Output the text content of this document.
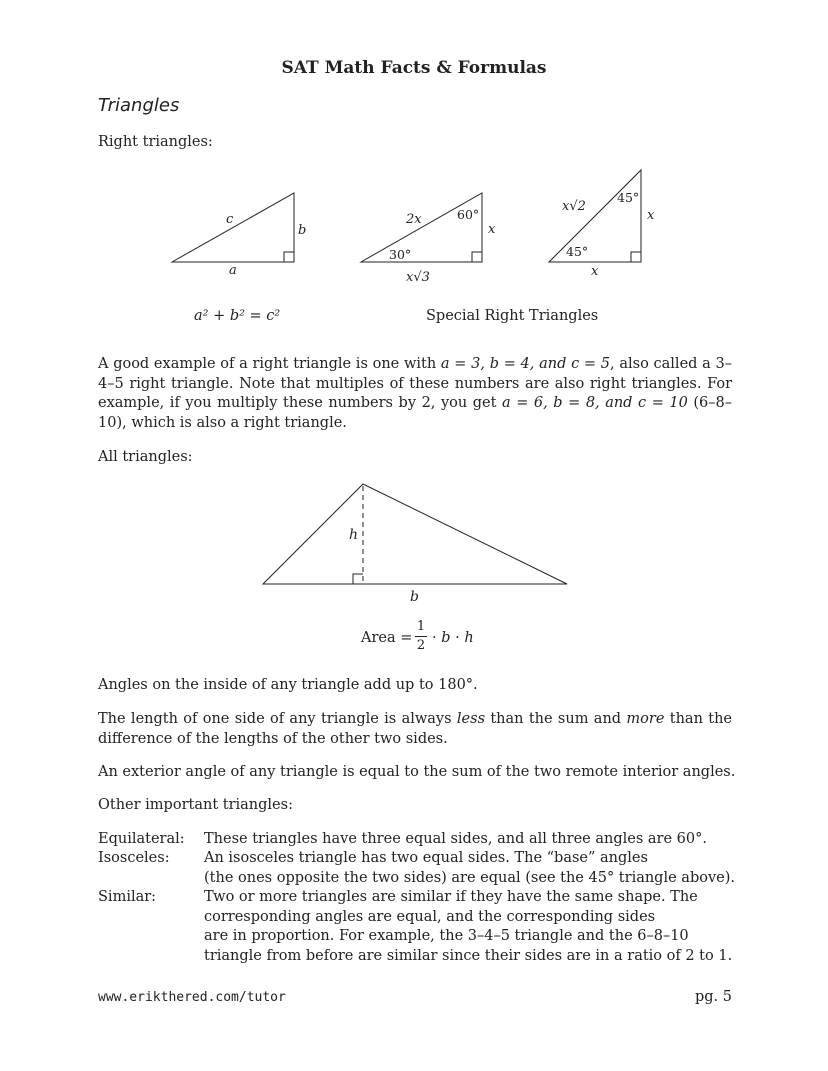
SAT Math Facts & Formulas
Triangles
Right triangles:
c
b
a
2x	60°
x
30°
x√3
x√2
45°
x
45°
x
h
b
a² + b² = c²	Special Right Triangles
A good example of a right triangle is one with a = 3, b = 4, and c = 5, also called a 3–4–5 right triangle. Note that multiples of these numbers are also right triangles. For example, if you multiply these numbers by 2, you get a = 6, b = 8, and c = 10 (6–8–10), which is also a right triangle.
All triangles:
Area =
1
2 · b · h
Angles on the inside of any triangle add up to 180°.
The length of one side of any triangle is always less than the sum and more than the difference of the lengths of the other two sides.
An exterior angle of any triangle is equal to the sum of the two remote interior angles.
Other important triangles:
Equilateral: These triangles have three equal sides, and all three angles are 60°.
Isosceles: An isosceles triangle has two equal sides. The “base” angles
(the ones opposite the two sides) are equal (see the 45° triangle above).
Similar:	Two or more triangles are similar if they have the same shape. The
corresponding angles are equal, and the corresponding sides
are in proportion. For example, the 3–4–5 triangle and the 6–8–10
triangle from before are similar since their sides are in a ratio of 2 to 1.
www.erikthered.com/tutor	pg. 5
